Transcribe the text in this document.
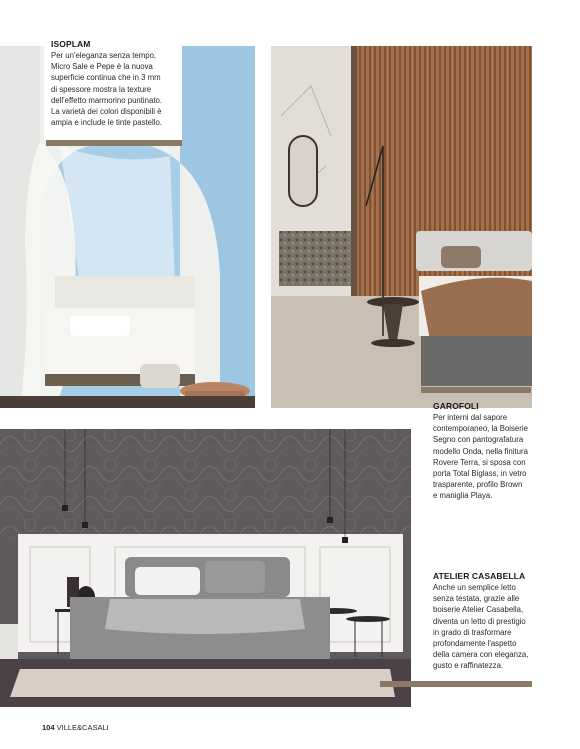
ISOPLAM
Per un'eleganza senza tempo,
Micro Sale e Pepe è la nuova
superficie continua che in 3 mm
di spessore mostra la texture
dell'effetto marmorino puntinato.
La varietà dei colori disponibili è
ampia e include le tinte pastello.
GAROFOLI
Per interni dal sapore
contemporaneo, la Boiserie
Segno con pantografatura
modello Onda, nella finitura
Rovere Terra, si sposa con
porta Total Biglass, in vetro
trasparente, profilo Brown
e maniglia Playa.
ATELIER CASABELLA
Anche un semplice letto
senza testata, grazie alle
boiserie Atelier Casabella,
diventa un letto di prestigio
in grado di trasformare
profondamente l'aspetto
della camera con eleganza,
gusto e raffinatezza.
104 VILLE&CASALI
